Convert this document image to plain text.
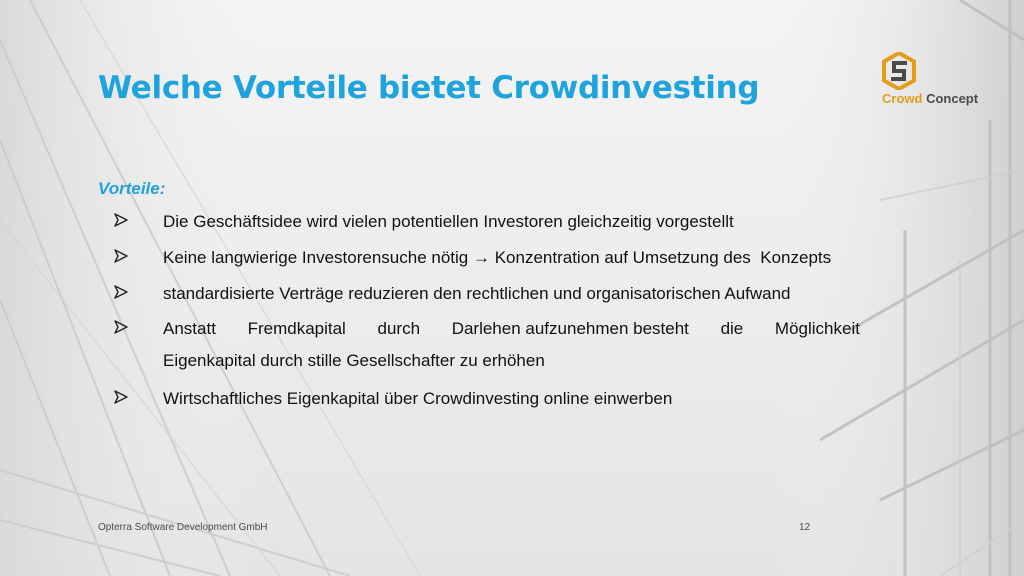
Welche Vorteile bietet Crowdinvesting	Crowd Concept
Vorteile:
Die Geschäftsidee wird vielen potentiellen Investoren gleichzeitig vorgestellt
Keine langwierige Investorensuche nötig → Konzentration auf Umsetzung des  Konzepts
standardisierte Verträge reduzieren den rechtlichen und organisatorischen Aufwand
Anstatt Fremdkapital durch Darlehen aufzunehmen besteht die Möglichkeit
Eigenkapital durch stille Gesellschafter zu erhöhen
Wirtschaftliches Eigenkapital über Crowdinvesting online einwerben
Opterra Software Development GmbH	12
